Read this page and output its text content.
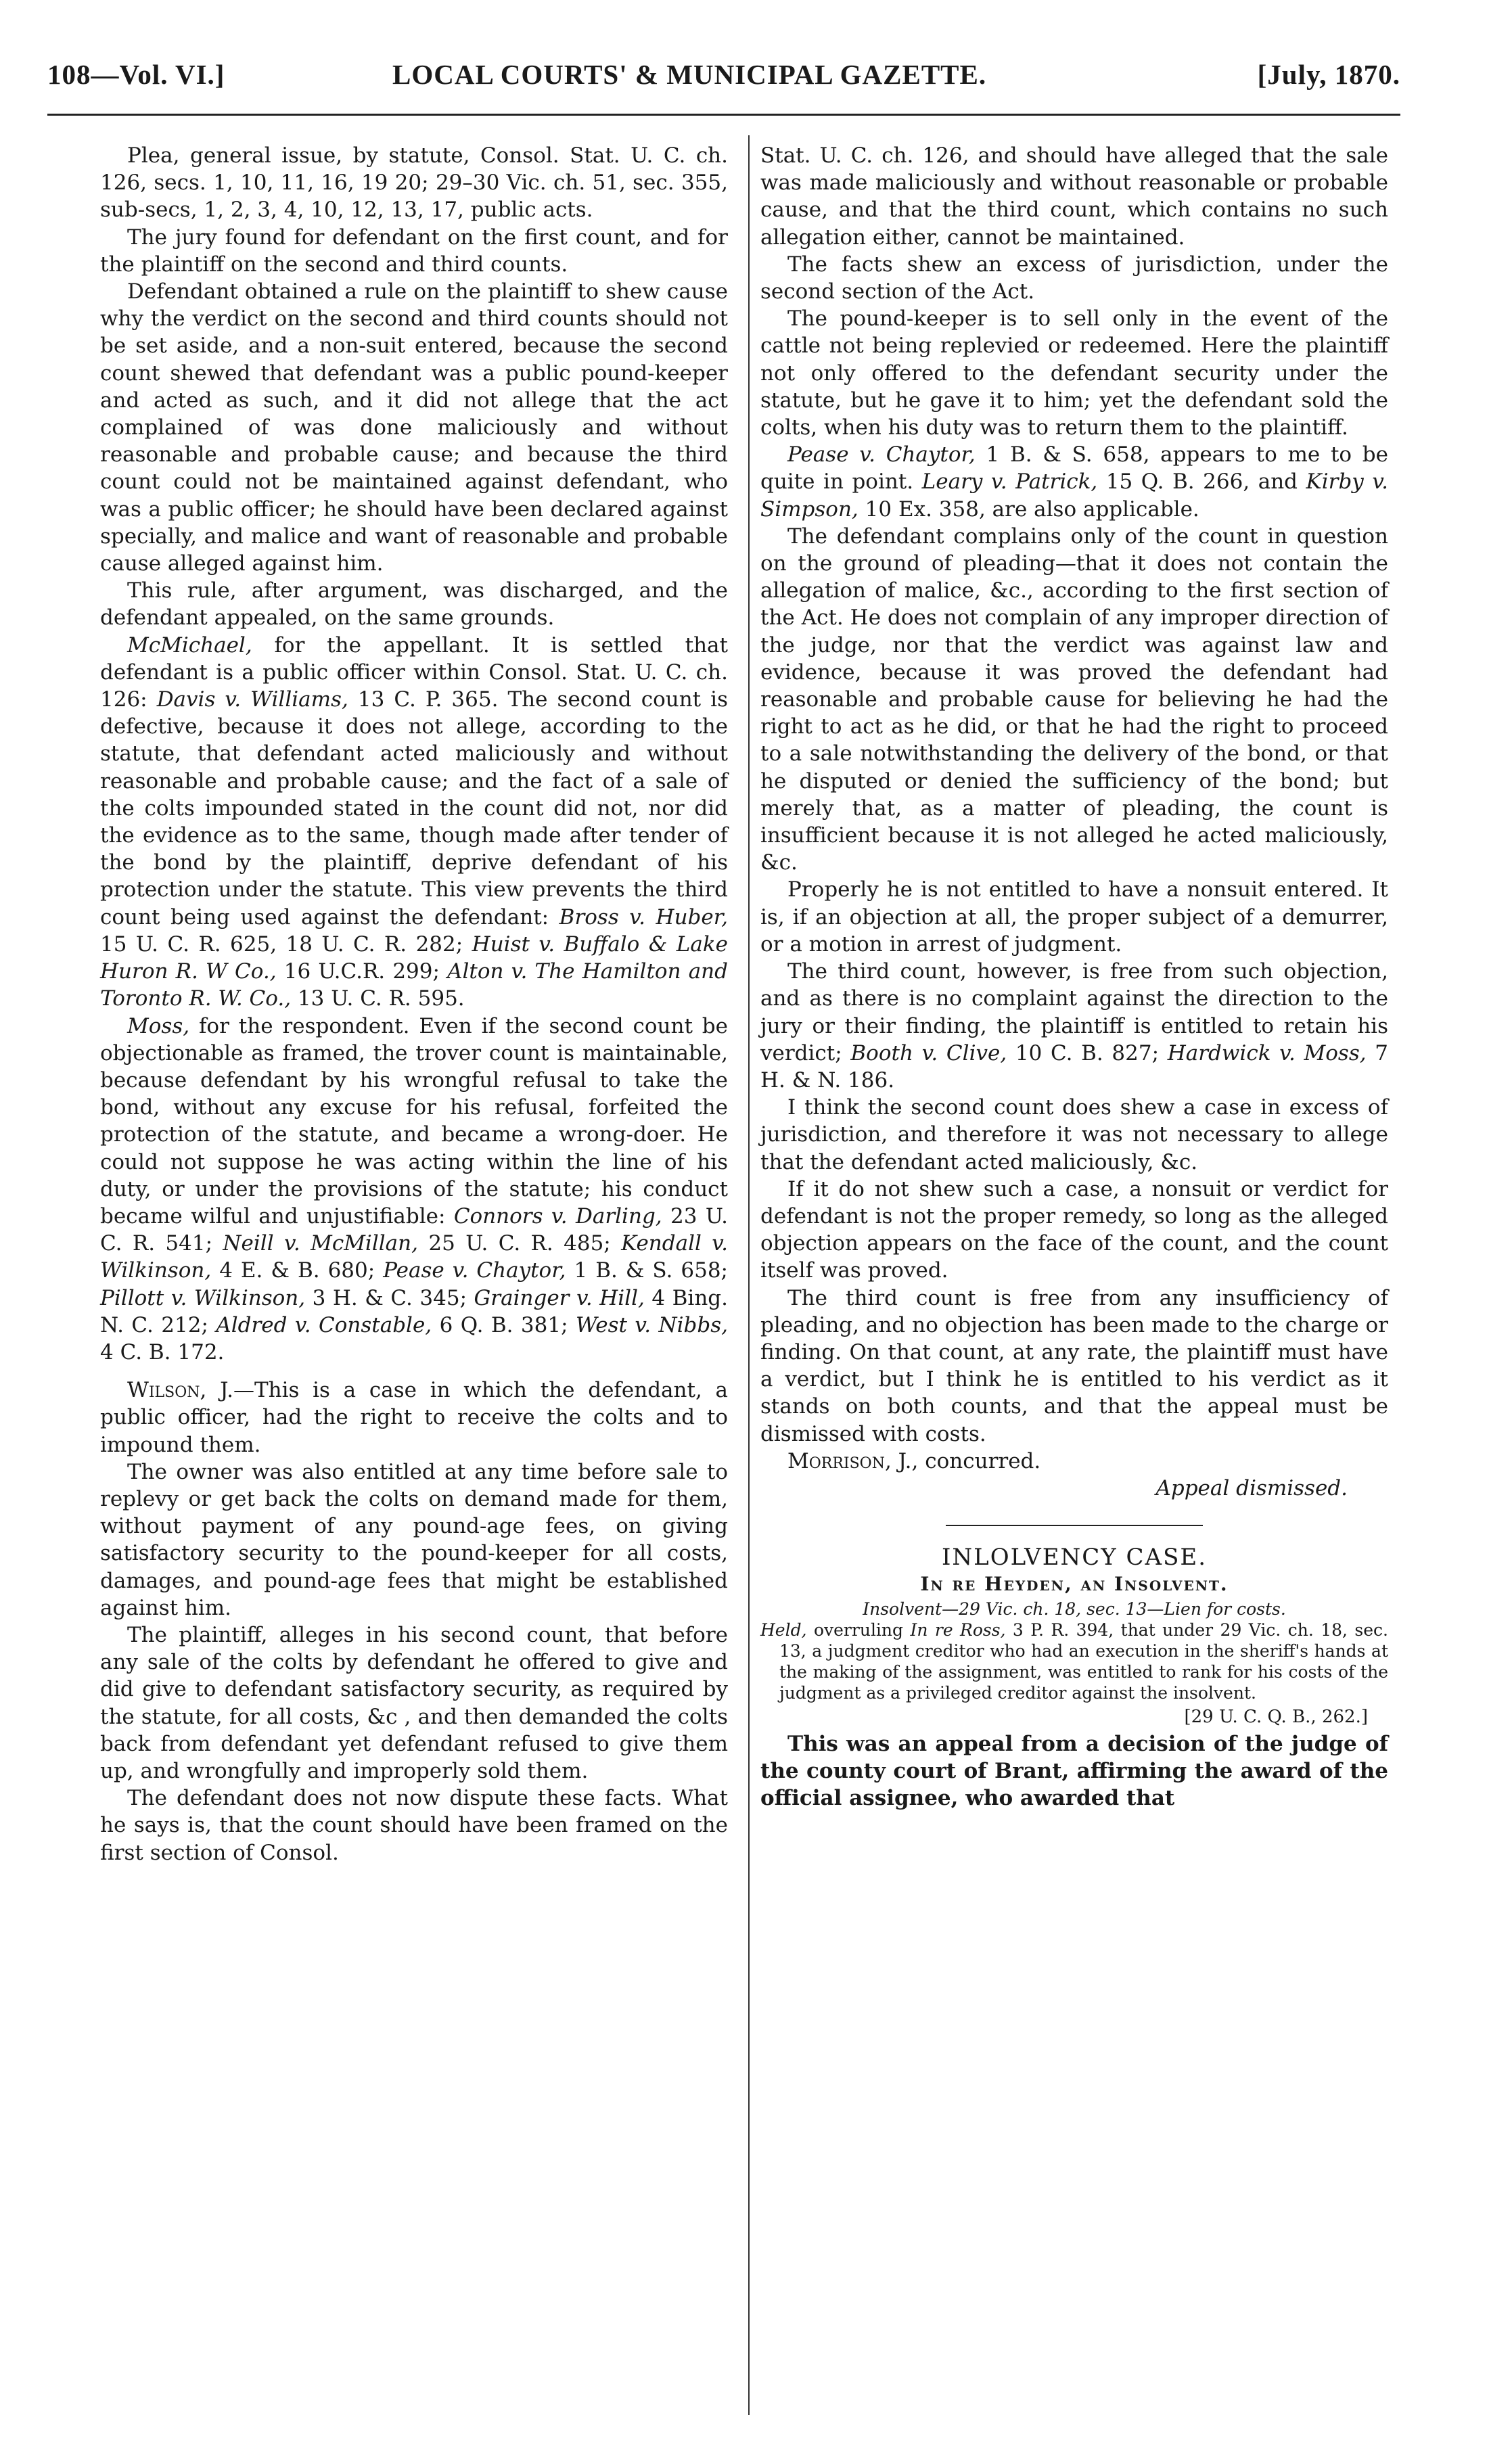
108—Vol. VI.]	LOCAL COURTS' & MUNICIPAL GAZETTE.	[July, 1870.

Plea, general issue, by statute, Consol. Stat. U. C. ch. 126, secs. 1, 10, 11, 16, 19 20; 29–30 Vic. ch. 51, sec. 355, sub-secs, 1, 2, 3, 4, 10, 12, 13, 17, public acts.

The jury found for defendant on the first count, and for the plaintiff on the second and third counts.

Defendant obtained a rule on the plaintiff to shew cause why the verdict on the second and third counts should not be set aside, and a non-suit entered, because the second count shewed that defendant was a public pound-keeper and acted as such, and it did not allege that the act complained of was done maliciously and without reasonable and probable cause; and because the third count could not be maintained against defendant, who was a public officer; he should have been declared against specially, and malice and want of reasonable and probable cause alleged against him.

This rule, after argument, was discharged, and the defendant appealed, on the same grounds.

McMichael, for the appellant. It is settled that defendant is a public officer within Consol. Stat. U. C. ch. 126: Davis v. Williams, 13 C. P. 365. The second count is defective, because it does not allege, according to the statute, that defendant acted maliciously and without reasonable and probable cause; and the fact of a sale of the colts impounded stated in the count did not, nor did the evidence as to the same, though made after tender of the bond by the plaintiff, deprive defendant of his protection under the statute. This view prevents the third count being used against the defendant: Bross v. Huber, 15 U. C. R. 625, 18 U. C. R. 282; Huist v. Buffalo & Lake Huron R. W Co., 16 U.C.R. 299; Alton v. The Hamilton and Toronto R. W. Co., 13 U. C. R. 595.

Moss, for the respondent. Even if the second count be objectionable as framed, the trover count is maintainable, because defendant by his wrongful refusal to take the bond, without any excuse for his refusal, forfeited the protection of the statute, and became a wrong-doer. He could not suppose he was acting within the line of his duty, or under the provisions of the statute; his conduct became wilful and unjustifiable: Connors v. Darling, 23 U. C. R. 541; Neill v. McMillan, 25 U. C. R. 485; Kendall v. Wilkinson, 4 E. & B. 680; Pease v. Chaytor, 1 B. & S. 658; Pillott v. Wilkinson, 3 H. & C. 345; Grainger v. Hill, 4 Bing. N. C. 212; Aldred v. Constable, 6 Q. B. 381; West v. Nibbs, 4 C. B. 172.

Wilson, J.—This is a case in which the defendant, a public officer, had the right to receive the colts and to impound them.

The owner was also entitled at any time before sale to replevy or get back the colts on demand made for them, without payment of any pound-age fees, on giving satisfactory security to the pound-keeper for all costs, damages, and pound-age fees that might be established against him.

The plaintiff, alleges in his second count, that before any sale of the colts by defendant he offered to give and did give to defendant satisfactory security, as required by the statute, for all costs, &c , and then demanded the colts back from defendant yet defendant refused to give them up, and wrongfully and improperly sold them.

The defendant does not now dispute these facts. What he says is, that the count should have been framed on the first section of Consol.

Stat. U. C. ch. 126, and should have alleged that the sale was made maliciously and without reasonable or probable cause, and that the third count, which contains no such allegation either, cannot be maintained.

The facts shew an excess of jurisdiction, under the second section of the Act.

The pound-keeper is to sell only in the event of the cattle not being replevied or redeemed. Here the plaintiff not only offered to the defendant security under the statute, but he gave it to him; yet the defendant sold the colts, when his duty was to return them to the plaintiff.

Pease v. Chaytor, 1 B. & S. 658, appears to me to be quite in point. Leary v. Patrick, 15 Q. B. 266, and Kirby v. Simpson, 10 Ex. 358, are also applicable.

The defendant complains only of the count in question on the ground of pleading—that it does not contain the allegation of malice, &c., according to the first section of the Act. He does not complain of any improper direction of the judge, nor that the verdict was against law and evidence, because it was proved the defendant had reasonable and probable cause for believing he had the right to act as he did, or that he had the right to proceed to a sale notwithstanding the delivery of the bond, or that he disputed or denied the sufficiency of the bond; but merely that, as a matter of pleading, the count is insufficient because it is not alleged he acted maliciously, &c.

Properly he is not entitled to have a nonsuit entered. It is, if an objection at all, the proper subject of a demurrer, or a motion in arrest of judgment.

The third count, however, is free from such objection, and as there is no complaint against the direction to the jury or their finding, the plaintiff is entitled to retain his verdict; Booth v. Clive, 10 C. B. 827; Hardwick v. Moss, 7 H. & N. 186.

I think the second count does shew a case in excess of jurisdiction, and therefore it was not necessary to allege that the defendant acted maliciously, &c.

If it do not shew such a case, a nonsuit or verdict for defendant is not the proper remedy, so long as the alleged objection appears on the face of the count, and the count itself was proved.

The third count is free from any insufficiency of pleading, and no objection has been made to the charge or finding. On that count, at any rate, the plaintiff must have a verdict, but I think he is entitled to his verdict as it stands on both counts, and that the appeal must be dismissed with costs.

Morrison, J., concurred.

Appeal dismissed.

INLOLVENCY CASE.

In re Heyden, an Insolvent.

Insolvent—29 Vic. ch. 18, sec. 13—Lien for costs.

Held, overruling In re Ross, 3 P. R. 394, that under 29 Vic. ch. 18, sec. 13, a judgment creditor who had an execution in the sheriff's hands at the making of the assignment, was entitled to rank for his costs of the judgment as a privileged creditor against the insolvent.

[29 U. C. Q. B., 262.]

This was an appeal from a decision of the judge of the county court of Brant, affirming the award of the official assignee, who awarded that
